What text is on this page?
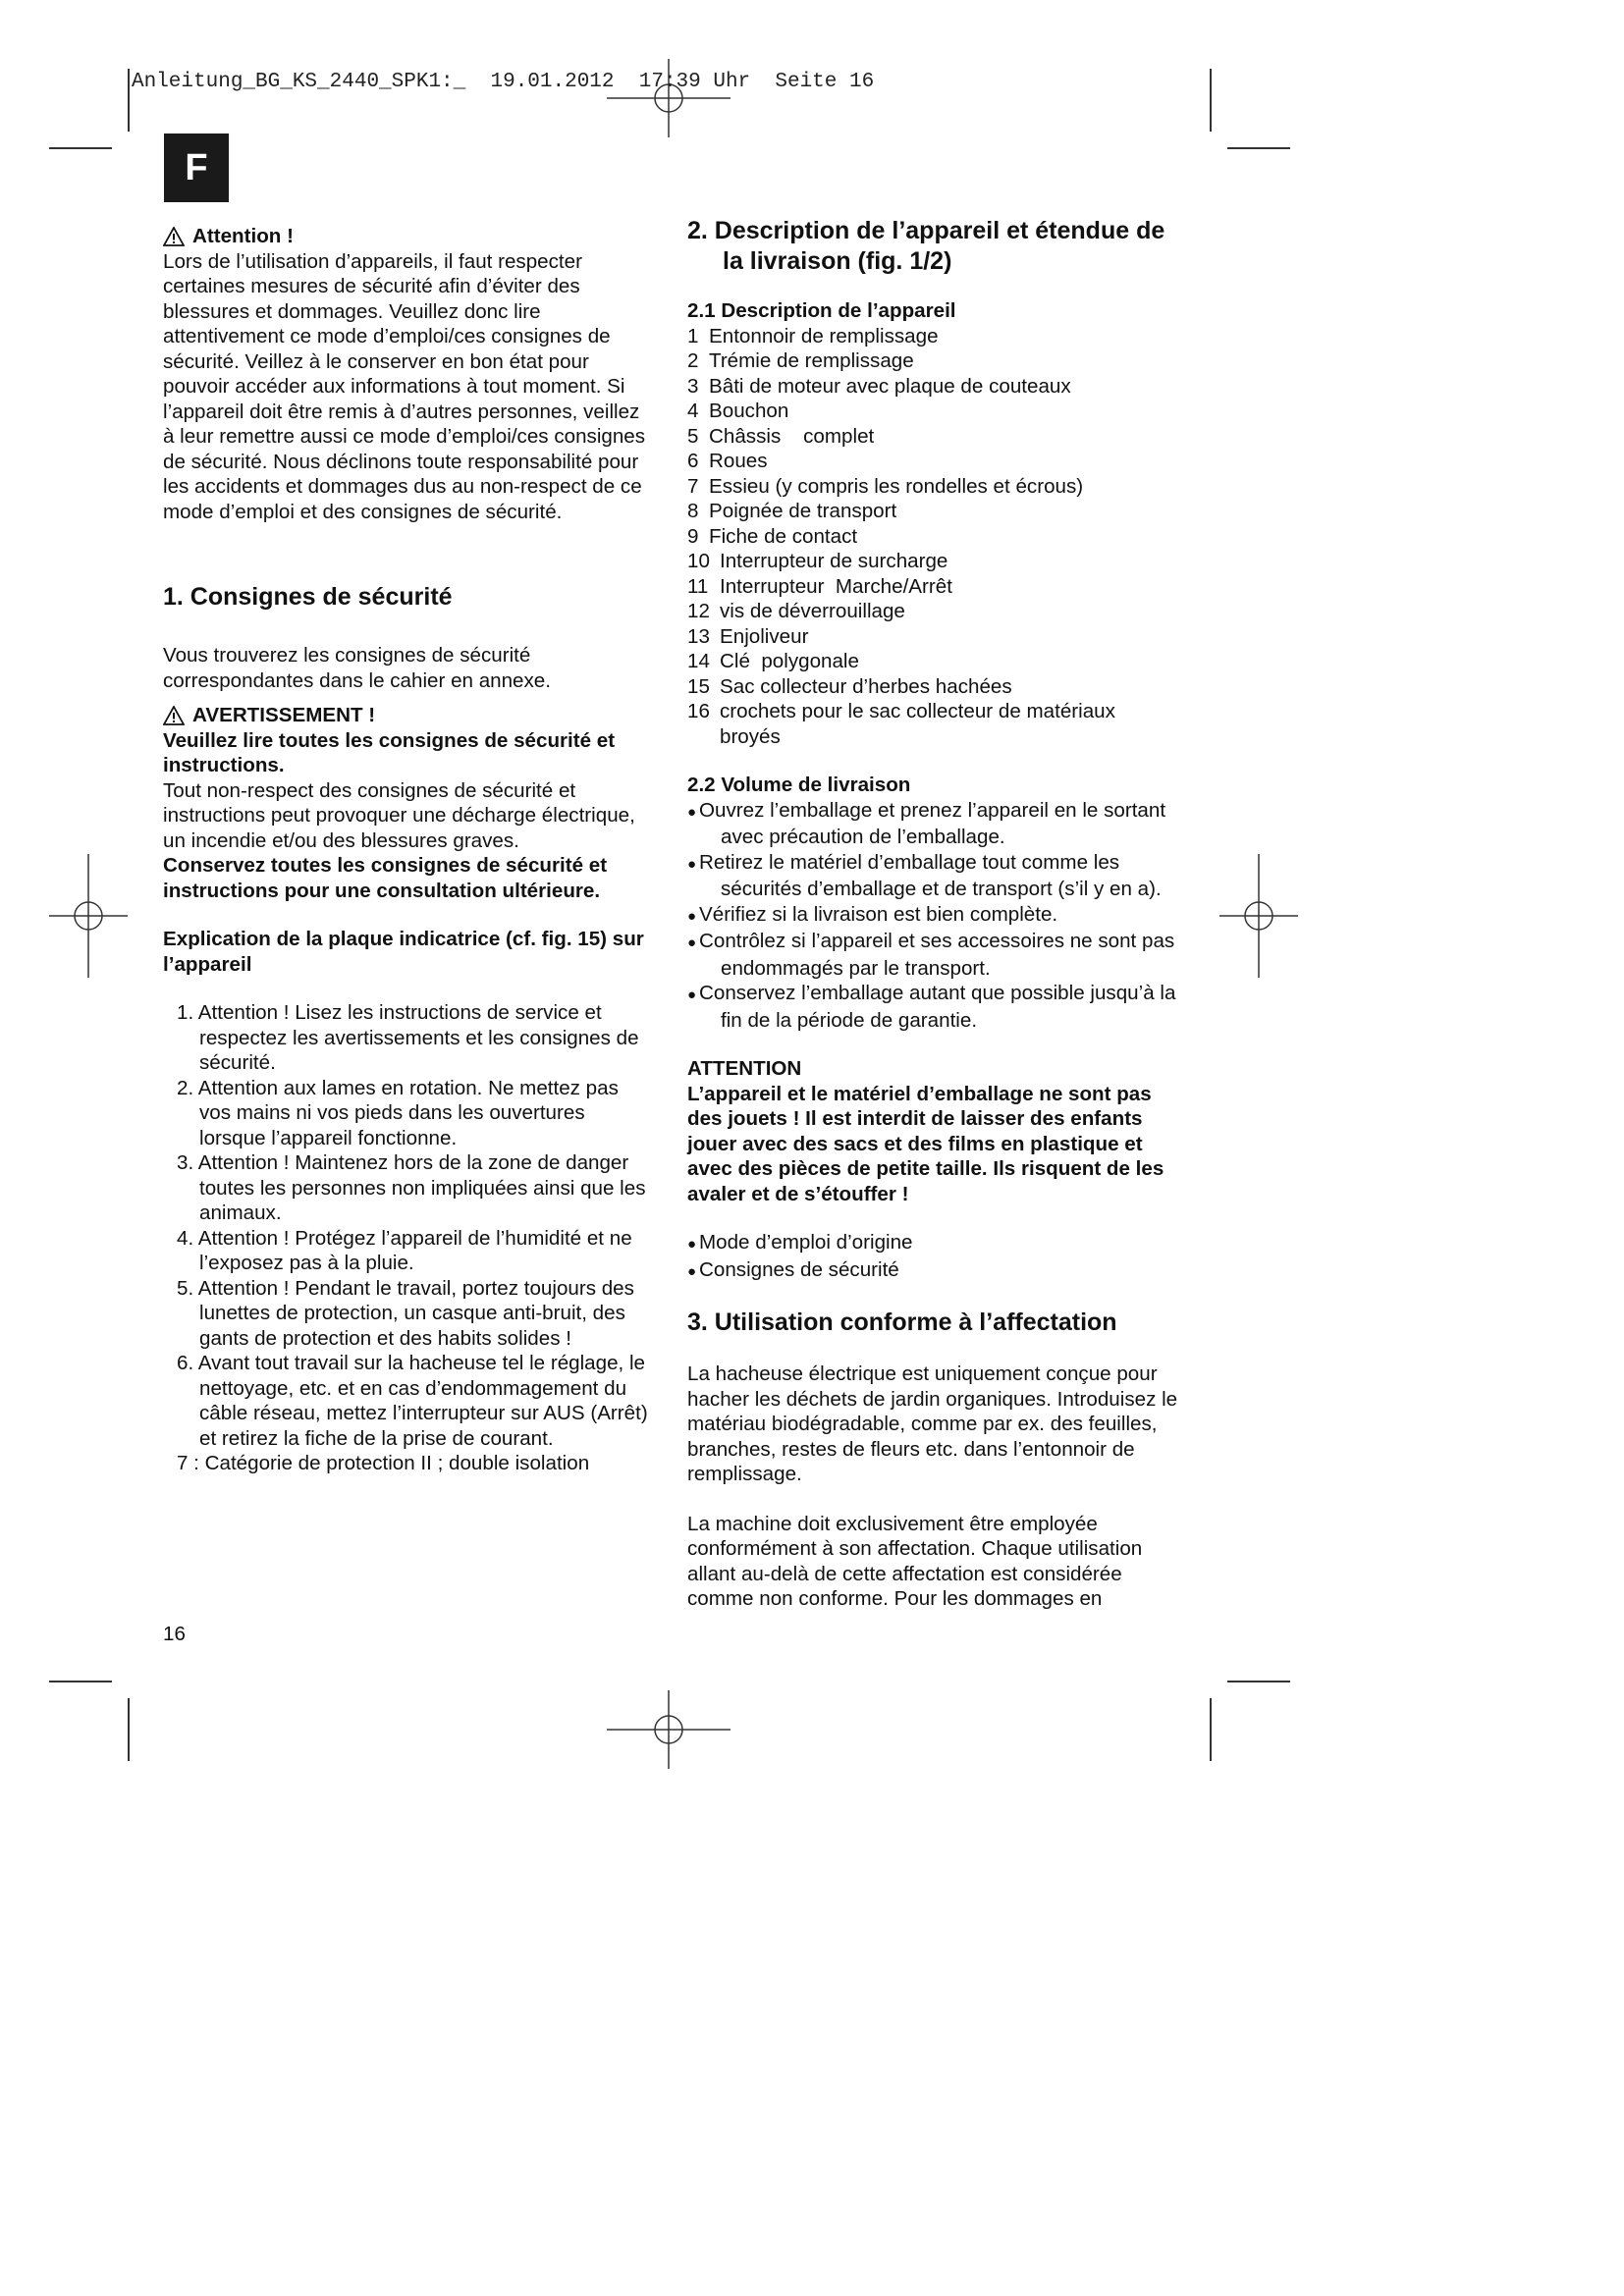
Anleitung_BG_KS_2440_SPK1:_ 19.01.2012 17:39 Uhr Seite 16
F
Attention !

Lors de l’utilisation d’appareils, il faut respecter certaines mesures de sécurité afin d’éviter des blessures et dommages. Veuillez donc lire attentivement ce mode d’emploi/ces consignes de sécurité. Veillez à le conserver en bon état pour pouvoir accéder aux informations à tout moment. Si l’appareil doit être remis à d’autres personnes, veillez à leur remettre aussi ce mode d’emploi/ces consignes de sécurité. Nous déclinons toute responsabilité pour les accidents et dommages dus au non-respect de ce mode d’emploi et des consignes de sécurité.

1. Consignes de sécurité

Vous trouverez les consignes de sécurité correspondantes dans le cahier en annexe.

AVERTISSEMENT !

Veuillez lire toutes les consignes de sécurité et instructions.

Tout non-respect des consignes de sécurité et instructions peut provoquer une décharge électrique, un incendie et/ou des blessures graves.

Conservez toutes les consignes de sécurité et instructions pour une consultation ultérieure.

Explication de la plaque indicatrice (cf. fig. 15) sur l’appareil

1. Attention ! Lisez les instructions de service et respectez les avertissements et les consignes de sécurité.

2. Attention aux lames en rotation. Ne mettez pas vos mains ni vos pieds dans les ouvertures lorsque l’appareil fonctionne.

3. Attention ! Maintenez hors de la zone de danger toutes les personnes non impliquées ainsi que les animaux.

4. Attention ! Protégez l’appareil de l’humidité et ne l’exposez pas à la pluie.

5. Attention ! Pendant le travail, portez toujours des lunettes de protection, un casque anti-bruit, des gants de protection et des habits solides !

6. Avant tout travail sur la hacheuse tel le réglage, le nettoyage, etc. et en cas d’endommagement du câble réseau, mettez l’interrupteur sur AUS (Arrêt) et retirez la fiche de la prise de courant.

7 : Catégorie de protection II ; double isolation

2. Description de l’appareil et étendue de la livraison (fig. 1/2)

2.1 Description de l’appareil

1 Entonnoir de remplissage
2 Trémie de remplissage
3 Bâti de moteur avec plaque de couteaux
4 Bouchon
5 Châssis    complet
6 Roues
7 Essieu (y compris les rondelles et écrous)
8 Poignée de transport
9 Fiche de contact
10 Interrupteur de surcharge
11 Interrupteur  Marche/Arrêt
12 vis de déverrouillage
13 Enjoliveur
14 Clé  polygonale
15 Sac collecteur d’herbes hachées
16 crochets pour le sac collecteur de matériaux broyés

2.2 Volume de livraison

● Ouvrez l’emballage et prenez l’appareil en le sortant avec précaution de l’emballage.

● Retirez le matériel d’emballage tout comme les sécurités d’emballage et de transport (s’il y en a).

● Vérifiez si la livraison est bien complète.

● Contrôlez si l’appareil et ses accessoires ne sont pas endommagés par le transport.

● Conservez l’emballage autant que possible jusqu’à la fin de la période de garantie.

ATTENTION

L’appareil et le matériel d’emballage ne sont pas des jouets ! Il est interdit de laisser des enfants jouer avec des sacs et des films en plastique et avec des pièces de petite taille. Ils risquent de les avaler et de s’étouffer !

● Mode d’emploi d’origine

● Consignes de sécurité

3. Utilisation conforme à l’affectation

La hacheuse électrique est uniquement conçue pour hacher les déchets de jardin organiques. Introduisez le matériau biodégradable, comme par ex. des feuilles, branches, restes de fleurs etc. dans l’entonnoir de remplissage.

La machine doit exclusivement être employée conformément à son affectation. Chaque utilisation allant au-delà de cette affectation est considérée comme non conforme. Pour les dommages en

16
